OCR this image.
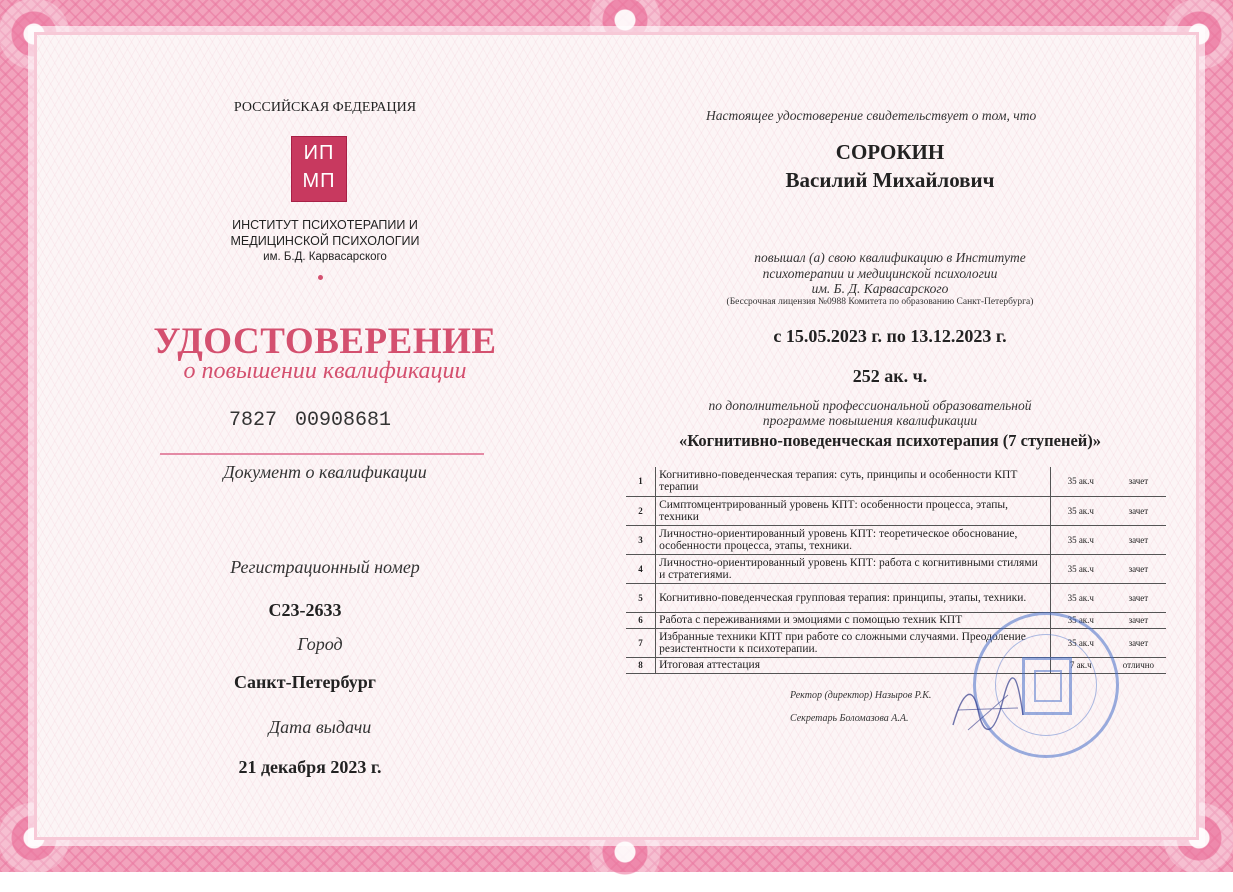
РОССИЙСКАЯ ФЕДЕРАЦИЯ

ИП
МП

ИНСТИТУТ ПСИХОТЕРАПИИ И

МЕДИЦИНСКОЙ ПСИХОЛОГИИ

им. Б.Д. Карвасарского

УДОСТОВЕРЕНИЕ

о повышении квалификации

7827 00908681

Документ о квалификации

Регистрационный номер

С23-2633

Город

Санкт-Петербург

Дата выдачи

21 декабря 2023 г.

Настоящее удостоверение свидетельствует о том, что

СОРОКИН

Василий Михайлович

повышал (а) свою квалификацию в Институте

психотерапии и медицинской психологии

им. Б. Д. Карвасарского

(Бессрочная лицензия №0988 Комитета по образованию Санкт-Петербурга)

с 15.05.2023 г. по 13.12.2023 г.

252 ак. ч.

по дополнительной профессиональной образовательной

программе повышения квалификации

«Когнитивно-поведенческая психотерапия (7 ступеней)»

1	Когнитивно-поведенческая терапия: суть, принципы и особенности КПТ терапии	35 ак.ч	зачет
2	Симптомцентрированный уровень КПТ: особенности процесса, этапы, техники	35 ак.ч	зачет
3	Личностно-ориентированный уровень КПТ: теоретическое обоснование, особенности процесса, этапы, техники.	35 ак.ч	зачет
4	Личностно-ориентированный уровень КПТ: работа с когнитивными стилями и стратегиями.	35 ак.ч	зачет
5	Когнитивно-поведенческая групповая терапия: принципы, этапы, техники.	35 ак.ч	зачет
6	Работа с переживаниями и эмоциями с помощью техник КПТ	35 ак.ч	зачет
7	Избранные техники КПТ при работе со сложными случаями. Преодоление резистентности к психотерапии.	35 ак.ч	зачет
8	Итоговая аттестация	7 ак.ч	отлично

Ректор (директор) Назыров Р.К.

Секретарь Боломазова А.А.
